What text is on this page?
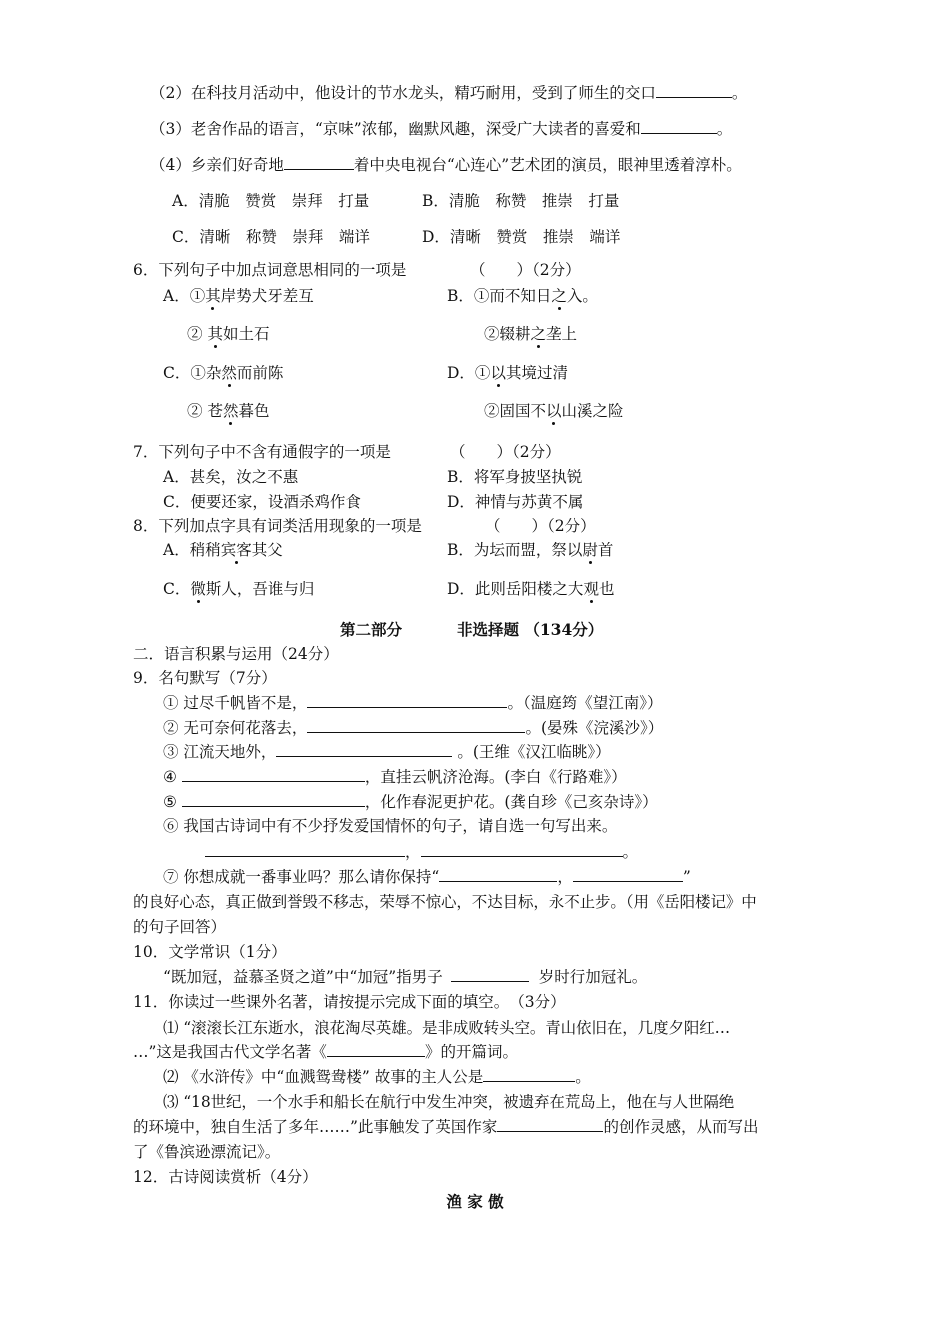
（2）在科技月活动中，他设计的节水龙头，精巧耐用，受到了师生的交口	。
（3）老舍作品的语言，“京味”浓郁，幽默风趣，深受广大读者的喜爱和	。
（4）乡亲们好奇地	着中央电视台“心连心”艺术团的演员，眼神里透着淳朴。
A．清脆　赞赏　崇拜　打量	B．清脆　称赞　推崇　打量
C．清晰　称赞　崇拜　端详	D．清晰　赞赏　推崇　端详
6．下列句子中加点词意思相同的一项是	（　　）（2分）
A．①其岸势犬牙差互	B．①而不知日之入。
② 其如土石	②辍耕之垄上
C．①杂然而前陈	D．①以其境过清
② 苍然暮色	②固国不以山溪之险
7．下列句子中不含有通假字的一项是	（　　）（2分）
A．甚矣，汝之不惠	B．将军身披坚执锐
C．便要还家，设酒杀鸡作食	D．神情与苏黄不属
8．下列加点字具有词类活用现象的一项是	（　　）（2分）
A．稍稍宾客其父	B．为坛而盟，祭以尉首
C．微斯人，吾谁与归	D．此则岳阳楼之大观也
第二部分	非选择题 （134分）
二．语言积累与运用（24分）
9．名句默写（7分）
① 过尽千帆皆不是，	。（温庭筠《望江南》）
② 无可奈何花落去，	。(晏殊《浣溪沙》）
③ 江流天地外，	。(王维《汉江临眺》）
④	，直挂云帆济沧海。(李白《行路难》）
⑤	，化作春泥更护花。(龚自珍《己亥杂诗》）
⑥ 我国古诗词中有不少抒发爱国情怀的句子，请自选一句写出来。
，	。
⑦ 你想成就一番事业吗？那么请你保持“	，	”
的良好心态，真正做到誉毁不移志，荣辱不惊心，不达目标，永不止步。（用《岳阳楼记》中
的句子回答）
10．文学常识（1分）
“既加冠，益慕圣贤之道”中“加冠”指男子	岁时行加冠礼。
11．你读过一些课外名著，请按提示完成下面的填空。　（3分）
⑴ “滚滚长江东逝水，浪花淘尽英雄。是非成败转头空。青山依旧在，几度夕阳红…
…”这是我国古代文学名著《	》的开篇词。
⑵ 《水浒传》中“血溅鸳鸯楼” 故事的主人公是	。
⑶ “18世纪，一个水手和船长在航行中发生冲突，被遗弃在荒岛上，他在与人世隔绝
的环境中，独自生活了多年……”此事触发了英国作家	的创作灵感，从而写出
了《鲁滨逊漂流记》。
12．古诗阅读赏析（4分）
渔 家 傲
